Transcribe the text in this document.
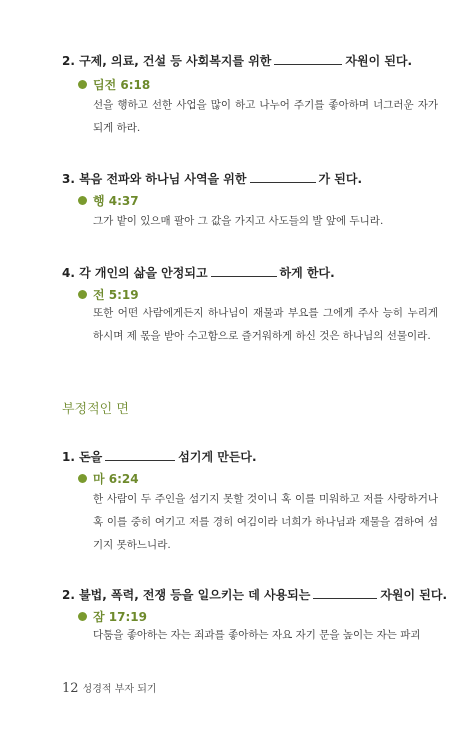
2. 구제, 의료, 건설 등 사회복지를 위한	자원이 된다.
딤전 6:18
선을 행하고 선한 사업을 많이 하고 나누어 주기를 좋아하며 너그러운 자가 되게 하라.
3. 복음 전파와 하나님 사역을 위한	가 된다.
행 4:37
그가 밭이 있으매 팔아 그 값을 가지고 사도들의 발 앞에 두니라.
4. 각 개인의 삶을 안정되고	하게 한다.
전 5:19
또한 어떤 사람에게든지 하나님이 재물과 부요를 그에게 주사 능히 누리게 하시며 제 몫을 받아 수고함으로 즐거워하게 하신 것은 하나님의 선물이라.
부정적인 면
1. 돈을	섬기게 만든다.
마 6:24
한 사람이 두 주인을 섬기지 못할 것이니 혹 이를 미워하고 저를 사랑하거나 혹 이를 중히 여기고 저를 경히 여김이라 너희가 하나님과 재물을 겸하여 섬기지 못하느니라.
2. 불법, 폭력, 전쟁 등을 일으키는 데 사용되는	자원이 된다.
잠 17:19
다툼을 좋아하는 자는 죄과를 좋아하는 자요 자기 문을 높이는 자는 파괴
12 성경적 부자 되기
